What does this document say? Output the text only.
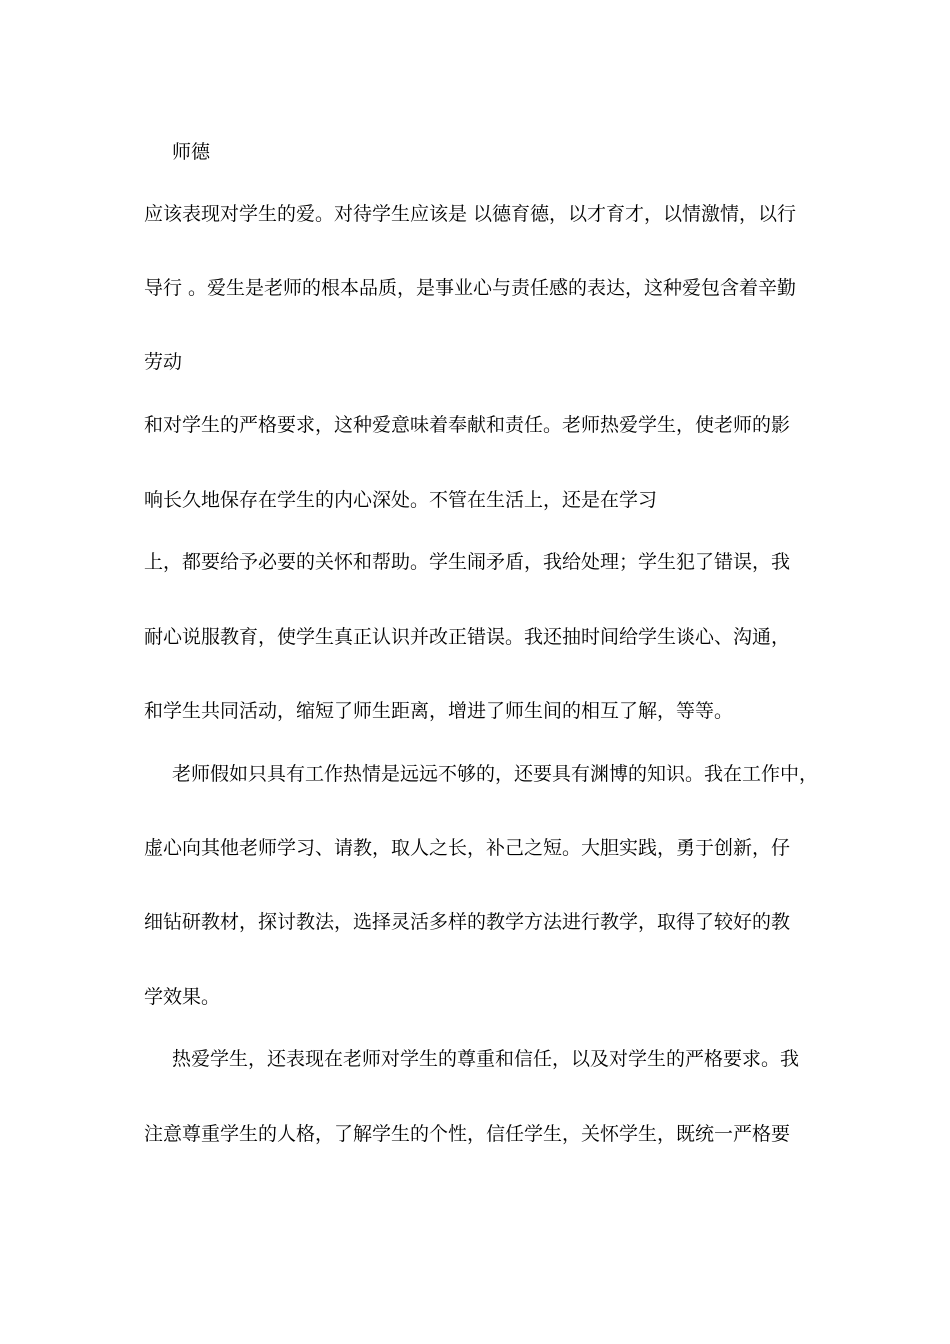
师德
应该表现对学生的爱。对待学生应该是 以德育德，以才育才，以情激情，以行
导行 。爱生是老师的根本品质，是事业心与责任感的表达，这种爱包含着辛勤
劳动
和对学生的严格要求，这种爱意味着奉献和责任。老师热爱学生，使老师的影
响长久地保存在学生的内心深处。不管在生活上，还是在学习
上，都要给予必要的关怀和帮助。学生闹矛盾，我给处理；学生犯了错误，我
耐心说服教育，使学生真正认识并改正错误。我还抽时间给学生谈心、沟通，
和学生共同活动，缩短了师生距离，增进了师生间的相互了解，等等。
老师假如只具有工作热情是远远不够的，还要具有渊博的知识。我在工作中，
虚心向其他老师学习、请教，取人之长，补己之短。大胆实践，勇于创新，仔
细钻研教材，探讨教法，选择灵活多样的教学方法进行教学，取得了较好的教
学效果。
热爱学生，还表现在老师对学生的尊重和信任，以及对学生的严格要求。我
注意尊重学生的人格，了解学生的个性，信任学生，关怀学生，既统一严格要
